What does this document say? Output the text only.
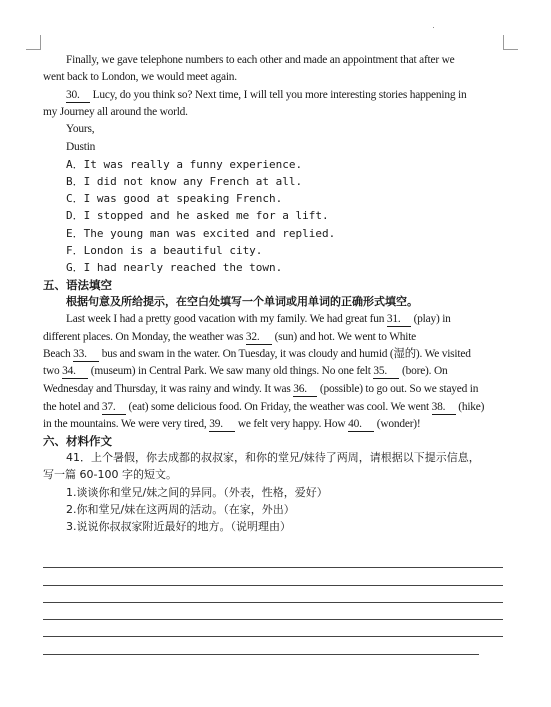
Finally, we gave telephone numbers to each other and made an appointment that after we
went back to London, we would meet again.
30. Lucy, do you think so? Next time, I will tell you more interesting stories happening in
my Journey all around the world.
Yours,
Dustin
A．It was really a funny experience.
B．I did not know any French at all.
C．I was good at speaking French.
D．I stopped and he asked me for a lift.
E．The young man was excited and replied.
F．London is a beautiful city.
G．I had nearly reached the town.
五、语法填空
根据句意及所给提示，在空白处填写一个单词或用单词的正确形式填空。
Last week I had a pretty good vacation with my family. We had great fun 31. (play) in
different places. On Monday, the weather was 32. (sun) and hot. We went to White
Beach 33. bus and swam in the water. On Tuesday, it was cloudy and humid (湿的). We visited
two 34. (museum) in Central Park. We saw many old things. No one felt 35. (bore). On
Wednesday and Thursday, it was rainy and windy. It was 36. (possible) to go out. So we stayed in
the hotel and 37. (eat) some delicious food. On Friday, the weather was cool. We went 38. (hike)
in the mountains. We were very tired, 39. we felt very happy. How 40. (wonder)!
六、材料作文
41．上个暑假，你去成都的叔叔家，和你的堂兄/妹待了两周，请根据以下提示信息，
写一篇 60-100 字的短文。
1.谈谈你和堂兄/妹之间的异同。（外表，性格，爱好）
2.你和堂兄/妹在这两周的活动。（在家，外出）
3.说说你叔叔家附近最好的地方。（说明理由）
